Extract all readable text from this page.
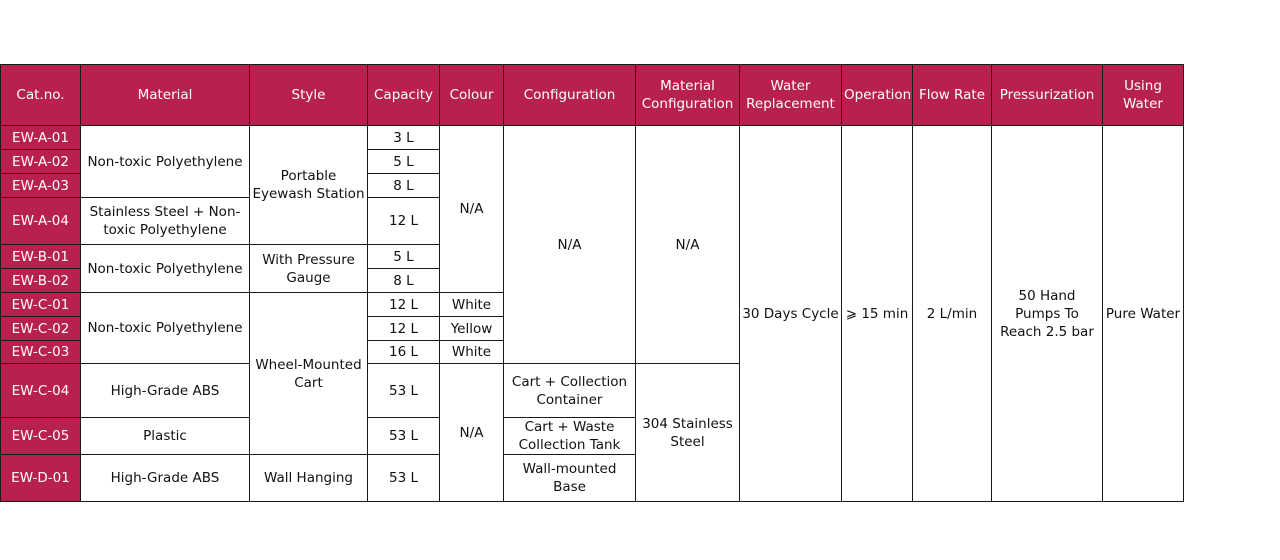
Cat.no.	Material	Style	Capacity	Colour	Configuration	Material Configuration	Water Replacement	Operation	Flow Rate	Pressurization	Using Water
EW-A-01	Non-toxic Polyethylene	Portable Eyewash Station	3 L	N/A	N/A	N/A	30 Days Cycle	⩾ 15 min	2 L/min	50 Hand Pumps To Reach 2.5 bar	Pure Water
EW-A-02			5 L								
EW-A-03			8 L								
EW-A-04	Stainless Steel + Non-toxic Polyethylene		12 L								
EW-B-01	Non-toxic Polyethylene	With Pressure Gauge	5 L								
EW-B-02			8 L								
EW-C-01	Non-toxic Polyethylene	Wheel-Mounted Cart	12 L	White							
EW-C-02			12 L	Yellow							
EW-C-03			16 L	White							
EW-C-04	High-Grade ABS		53 L	N/A	Cart + Collection Container	304 Stainless Steel					
EW-C-05	Plastic		53 L		Cart + Waste Collection Tank						
EW-D-01	High-Grade ABS	Wall Hanging	53 L		Wall-mounted Base						
